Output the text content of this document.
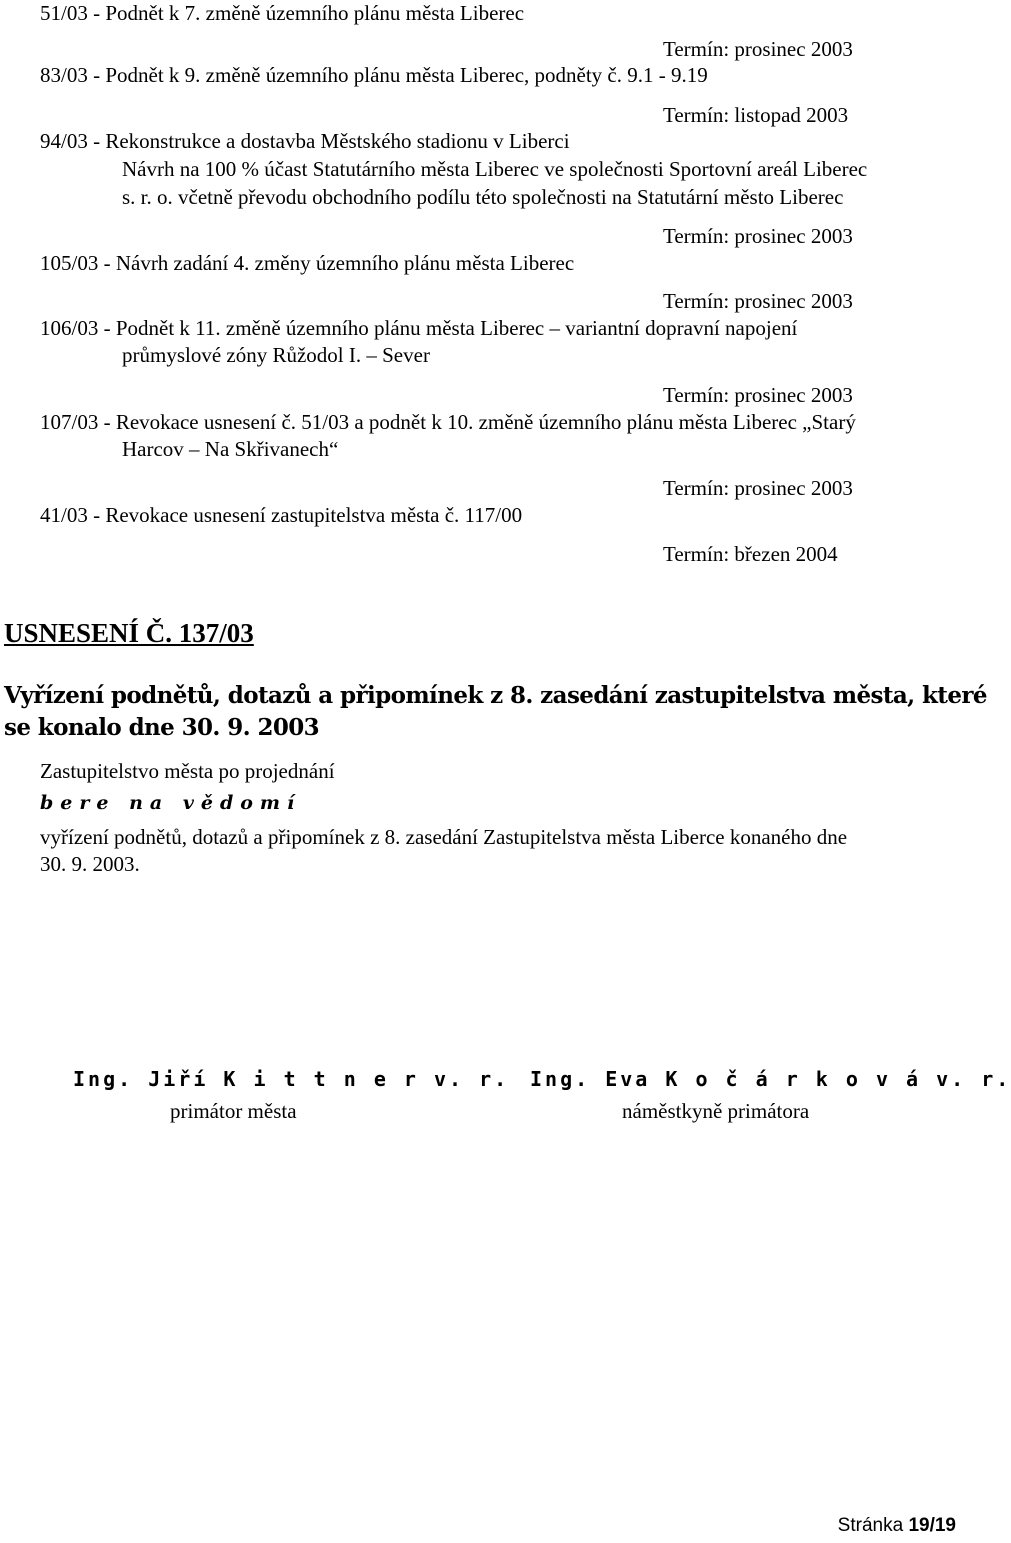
51/03 - Podnět k 7. změně územního plánu města Liberec
Termín: prosinec 2003
83/03 - Podnět k 9. změně územního plánu města Liberec, podněty č. 9.1 - 9.19
Termín: listopad 2003
94/03 - Rekonstrukce a dostavba Městského stadionu v Liberci
Návrh na 100 % účast Statutárního města Liberec ve společnosti Sportovní areál Liberec
s. r. o. včetně převodu obchodního podílu této společnosti na Statutární město Liberec
Termín: prosinec 2003
105/03 - Návrh zadání 4. změny územního plánu města Liberec
Termín: prosinec 2003
106/03 - Podnět k 11. změně územního plánu města Liberec – variantní dopravní napojení
průmyslové zóny Růžodol I. – Sever
Termín: prosinec 2003
107/03 - Revokace usnesení č. 51/03 a podnět k 10. změně územního plánu města Liberec „Starý
Harcov – Na Skřivanech“
Termín: prosinec 2003
41/03 - Revokace usnesení zastupitelstva města č. 117/00
Termín: březen 2004
USNESENÍ Č. 137/03
Vyřízení podnětů, dotazů a připomínek z 8. zasedání zastupitelstva města, které
se konalo dne 30. 9. 2003
Zastupitelstvo města po projednání
bere na vědomí
vyřízení podnětů, dotazů a připomínek z 8. zasedání Zastupitelstva města Liberce konaného dne
30. 9. 2003.
Ing. Jiří K i t t n e r v. r.
primátor města
Ing. Eva K o č á r k o v á v. r.
náměstkyně primátora
Stránka 19/19
